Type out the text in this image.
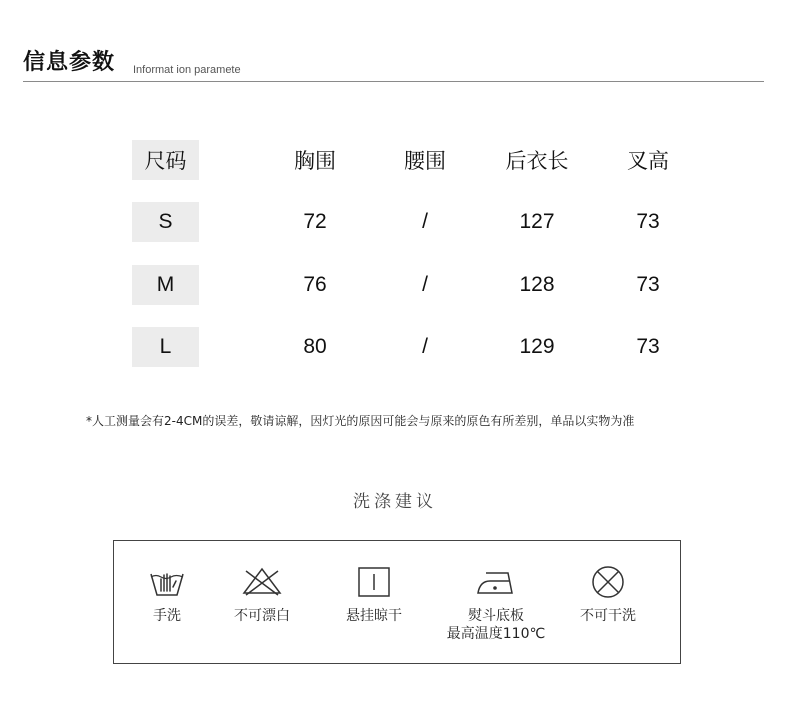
信息参数 Informat ion paramete
尺码	胸围	腰围	后衣长	叉高
S	72	/	127	73
M	76	/	128	73
L	80	/	129	73
*人工测量会有2-4CM的误差，敬请谅解，因灯光的原因可能会与原来的原色有所差别，单品以实物为准
洗涤建议
手洗	不可漂白	悬挂晾干	熨斗底板
最高温度110℃
不可干洗
